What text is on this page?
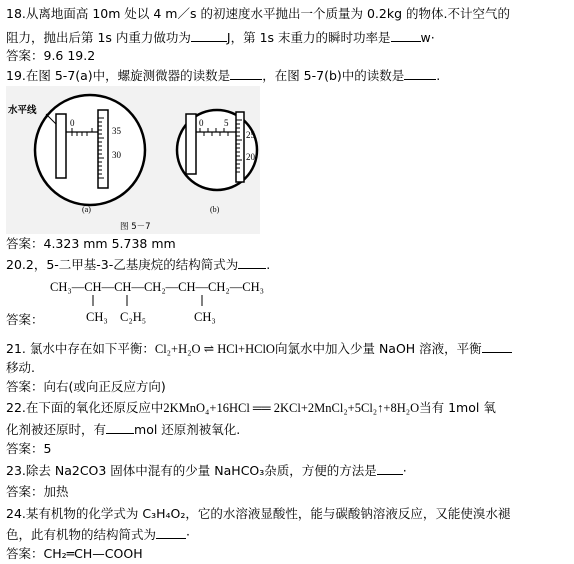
18.从离地面高 10m 处以 4 m／s 的初速度水平抛出一个质量为 0.2kg 的物体.不计空气的
阻力，抛出后第 1s 内重力做功为	J，第 1s 末重力的瞬时功率是 w·
答案：9.6 19.2
19.在图 5-7(a)中，螺旋测微器的读数是	，在图 5-7(b)中的读数是	.
0
35
30
水平线
(a)
0 5
25
20
(b)
图 5－7
答案：4.323 mm 5.738 mm
20.2，5-二甲基-3-乙基庚烷的结构简式为 .
CH₃—CH—CH—CH₂—CH—CH₂—CH₃
CH₃ C₂H₅	CH₃
答案：
21. 氯水中存在如下平衡：Cl₂+H₂O ⇌ HCl+HClO向氯水中加入少量 NaOH 溶液，平衡
移动.
答案：向右(或向正反应方向)
22.在下面的氧化还原反应中2KMnO₄+16HCl ══ 2KCl+2MnCl₂+5Cl₂↑+8H₂O当有 1mol 氧
化剂被还原时，有 mol 还原剂被氧化.
答案：5
23.除去 Na2CO3 固体中混有的少量 NaHCO₃杂质，方便的方法是 ·
答案：加热
24.某有机物的化学式为 C₃H₄O₂，它的水溶液显酸性，能与碳酸钠溶液反应，又能使溴水褪
色，此有机物的结构简式为 ·
答案：CH₂═CH—COOH
